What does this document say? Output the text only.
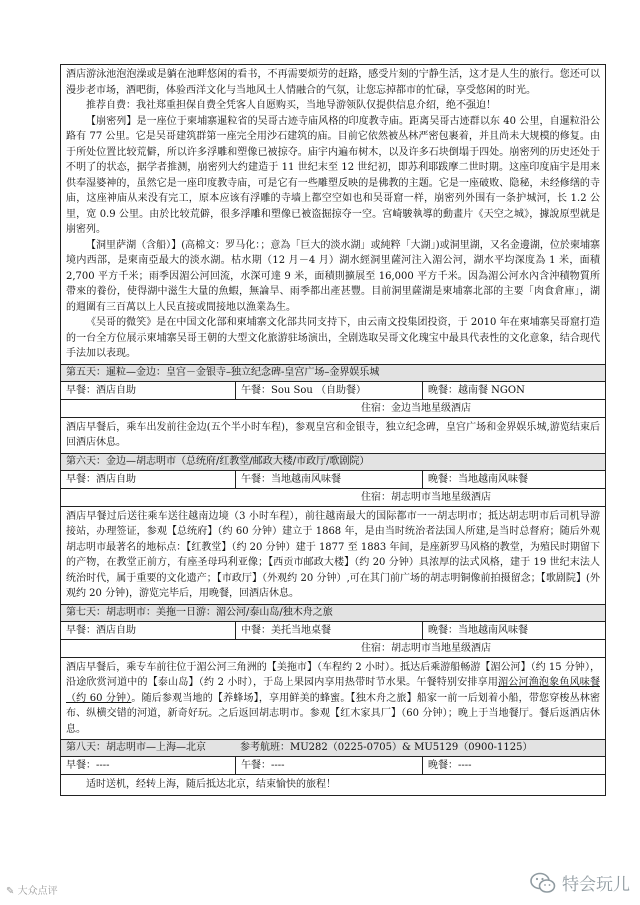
酒店游泳池泡泡澡或是躺在池畔悠闲的看书，不再需要烦劳的赶路，感受片刻的宁静生活，这才是人生的旅行。您还可以漫步老市场，酒吧街，体验西洋文化与当地风土人情融合的气氛，让您忘掉都市的忙碌，享受悠闲的时光。

推荐自费：我社郑重担保自费全凭客人自愿购买，当地导游领队仅提供信息介绍，绝不强迫！

【崩密列】是一座位于柬埔寨暹粒省的吴哥古迹寺庙风格的印度教寺庙。距离吴哥古迹群以东 40 公里，自暹粒沿公路有 77 公里。它是吴哥建筑群第一座完全用沙石建筑的庙。目前它依然被丛林严密包裹着，并且尚未大规模的修复。由于所处位置比较荒僻，所以许多浮雕和塑像已被掠夺。庙宇内遍布树木，以及许多石块倒塌于四处。崩密列的历史还处于不明了的状态，据学者推测，崩密列大约建造于 11 世纪末至 12 世纪初，即苏利耶跋摩二世时期。这座印度庙宇是用来供奉湿婆神的，虽然它是一座印度教寺庙，可是它有一些雕塑反映的是佛教的主题。它是一座破败、隐秘，未经修缮的寺庙，这座神庙从来没有完工，原本应该有浮雕的寺墙上都空空如也和吴哥窟一样，崩密列外围有一条护城河，长 1.2 公里，宽 0.9 公里。由於比较荒僻，很多浮雕和塑像已被盗掘掠夺一空。宫崎駿執導的動畫片《天空之城》，據說原型就是崩密列。

【洞里萨湖（含船）】(高棉文：罗马化：；意為「巨大的淡水湖」或純粹「大湖」)或洞里湖，又名金邊湖，位於柬埔寨境内西部，是柬南亞最大的淡水湖。枯水期（12 月－4 月）湖水經洞里薩河注入湄公河，湖水平均深度為 1 米，面積 2,700 平方千米；雨季因湄公河回流，水深可達 9 米，面積則擴展至 16,000 平方千米。因為湄公河水內含沖積物質所帶來的養份，使得湖中滋生大量的魚蝦，無論旱、雨季都出產甚豐。目前洞里薩湖是柬埔寨北部的主要「肉食倉庫」，湖的週圍有三百萬以上人民直接或間接地以漁業為生。

《吴哥的微笑》是在中国文化部和柬埔寨文化部共同支持下，由云南文投集团投资，于 2010 年在柬埔寨吴哥窟打造的一台全方位展示柬埔寨吴哥王朝的大型文化旅游驻场演出，全剧选取吴哥文化瑰宝中最具代表性的文化意象，结合现代手法加以表现。

第五天：暹粒—金边：皇宫－金银寺–独立纪念碑-皇宫广场–金界娱乐城
早餐：酒店自助	午餐：Sou Sou （自助餐）	晚餐：越南餐 NGON
住宿：金边当地星级酒店
酒店早餐后，乘车出发前往金边(五个半小时车程)，参观皇宫和金银寺，独立纪念碑，皇宫广场和金界娱乐城,游览结束后回酒店休息。
第六天：金边—胡志明市（总统府/红教堂/邮政大楼/市政厅/歌剧院）
早餐：酒店自助	午餐：当地越南风味餐	晚餐：当地越南风味餐
住宿：胡志明市当地星级酒店
酒店早餐过后送往乘车送往越南边境（3 小时车程），前往越南最大的国际都市一一胡志明市；抵达胡志明市后司机导游接站，办理签证，参观【总统府】（约 60 分钟）建立于 1868 年，是由当时统治者法国人所建,是当时总督府；随后外观胡志明市最著名的地标点：【红教堂】（约 20 分钟）建于 1877 至 1883 年间，是座新罗马风格的教堂，为殖民时期留下的产物，在教堂正前方，有座圣母玛利亚像；【西贡市邮政大楼】（约 20 分钟）具浓厚的法式风格，建于 19 世纪末法人统治时代，属于重要的文化遗产；【市政厅】（外观约 20 分钟）,可在其门前广场的胡志明铜像前拍摄留念；【歌剧院】(外观约 20 分钟)，游览完毕后，用晚餐，回酒店休息。
第七天：胡志明市：美拖一日游：湄公河/泰山岛/独木舟之旅
早餐：酒店自助	中餐：美托当地桌餐	晚餐：当地越南风味餐
住宿：胡志明市当地星级酒店
酒店早餐后，乘专车前往位于湄公河三角洲的【美拖市】（车程约 2 小时）。抵达后乘游船畅游【湄公河】（约 15 分钟），沿途欣赏河道中的【泰山岛】（约 2 小时），于岛上果园内享用热带时节水果。午餐特别安排享用湄公河渔泡象鱼风味餐（约 60 分钟）。随后参观当地的【养蜂场】，享用鲜美的蜂蜜。【独木舟之旅】船家一前一后划着小船，带您穿梭丛林密布、纵横交错的河道，新奇好玩。之后返回胡志明市。参观【红木家具厂】（60 分钟）；晚上于当地餐厅。餐后返酒店休息。
第八天：胡志明市—上海—北京	参考航班：MU282（0225-0705）& MU5129（0900-1125）
早餐：----	午餐：----	晚餐：----

适时送机，经转上海，随后抵达北京，结束愉快的旅程！

✎ 大众点评	特会玩儿
